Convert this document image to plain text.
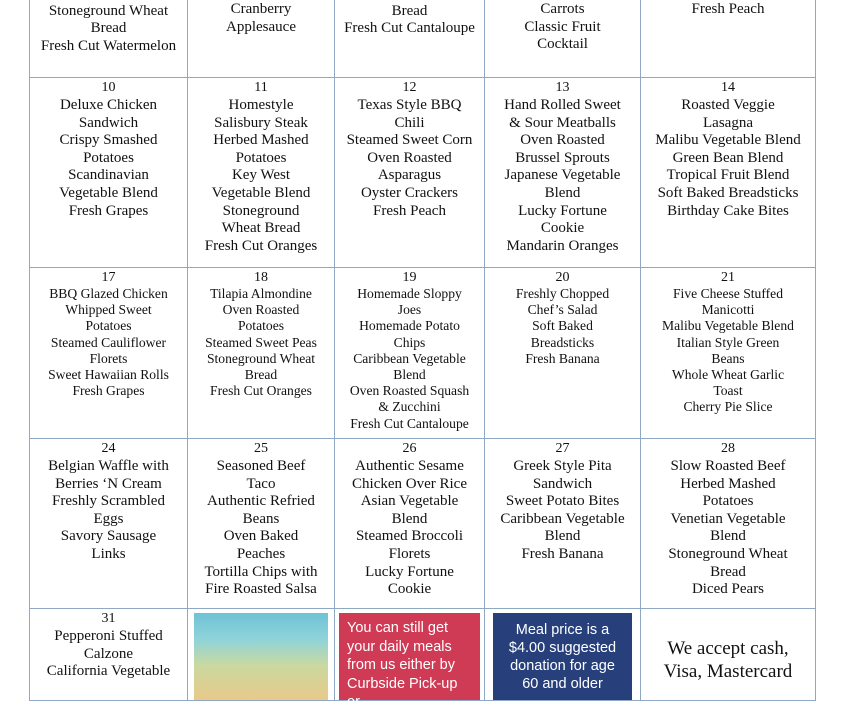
Stoneground Wheat
Bread
Fresh Cut Watermelon
Cranberry
Applesauce
Bread
Fresh Cut Cantaloupe
Carrots
Classic Fruit
Cocktail
Fresh Peach
10
Deluxe Chicken
Sandwich
Crispy Smashed
Potatoes
Scandinavian
Vegetable Blend
Fresh Grapes
11
Homestyle
Salisbury Steak
Herbed Mashed
Potatoes
Key West
Vegetable Blend
Stoneground
Wheat Bread
Fresh Cut Oranges
12
Texas Style BBQ
Chili
Steamed Sweet Corn
Oven Roasted
Asparagus
Oyster Crackers
Fresh Peach
13
Hand Rolled Sweet
& Sour Meatballs
Oven Roasted
Brussel Sprouts
Japanese Vegetable
Blend
Lucky Fortune
Cookie
Mandarin Oranges
14
Roasted Veggie
Lasagna
Malibu Vegetable Blend
Green Bean Blend
Tropical Fruit Blend
Soft Baked Breadsticks
Birthday Cake Bites
17
BBQ Glazed Chicken
Whipped Sweet
Potatoes
Steamed Cauliflower
Florets
Sweet Hawaiian Rolls
Fresh Grapes
18
Tilapia Almondine
Oven Roasted
Potatoes
Steamed Sweet Peas
Stoneground Wheat
Bread
Fresh Cut Oranges
19
Homemade Sloppy
Joes
Homemade Potato
Chips
Caribbean Vegetable
Blend
Oven Roasted Squash
& Zucchini
Fresh Cut Cantaloupe
20
Freshly Chopped
Chef’s Salad
Soft Baked
Breadsticks
Fresh Banana
21
Five Cheese Stuffed
Manicotti
Malibu Vegetable Blend
Italian Style Green
Beans
Whole Wheat Garlic
Toast
Cherry Pie Slice
24
Belgian Waffle with
Berries ‘N Cream
Freshly Scrambled
Eggs
Savory Sausage
Links
25
Seasoned Beef
Taco
Authentic Refried
Beans
Oven Baked
Peaches
Tortilla Chips with
Fire Roasted Salsa
26
Authentic Sesame
Chicken Over Rice
Asian Vegetable
Blend
Steamed Broccoli
Florets
Lucky Fortune
Cookie
27
Greek Style Pita
Sandwich
Sweet Potato Bites
Caribbean Vegetable
Blend
Fresh Banana
28
Slow Roasted Beef
Herbed Mashed
Potatoes
Venetian Vegetable
Blend
Stoneground Wheat
Bread
Diced Pears
31
Pepperoni Stuffed
Calzone
California Vegetable
You can still get
your daily meals
from us either by
Curbside Pick-up or
Meal price is a
$4.00 suggested
donation for age
60 and older
We accept cash,
Visa, Mastercard
